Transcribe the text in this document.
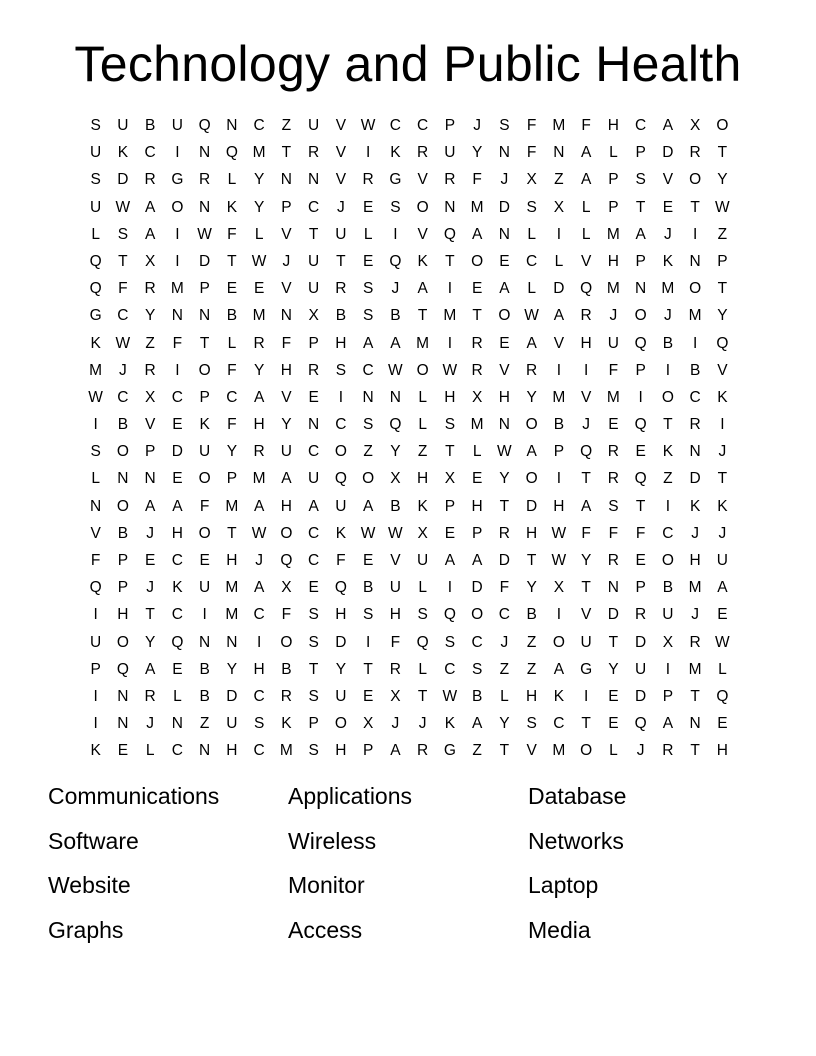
Technology and Public Health
S	U	B	U	Q	N	C	Z	U	V W C	C	P	J	S	F	M	F	H	C	A	X	O
U	K	C	I	N	Q M	T	R	V	I	K	R	U	Y	N	F	N	A	L	P	D	R	T
S	D	R	G	R	L	Y	N	N	V	R	G	V	R	F	J	X	Z	A	P	S	V	O	Y
U W A	O	N	K	Y	P	C	J	E	S	O	N M D	S	X	L	P	T	E	T W
L	S	A	I	W F	L	V	T	U	L	I	V	Q	A	N	L	I	L	M	A	J	I	Z
Q	T	X	I	D	T W	J	U	T	E	Q	K	T	O	E	C	L	V	H	P	K	N	P
Q	F	R M	P	E	E	V	U	R	S	J	A	I	E	A	L	D	Q M N M O	T
G	C	Y	N	N	B	M N	X	B	S	B	T	M	T	O W A	R	J	O	J	M	Y
K W Z	F	T	L	R	F	P	H	A	A	M	I	R	E	A	V	H	U	Q	B	I	Q
M	J	R	I	O	F	Y	H	R	S	C W O W R	V	R	I	I	F	P	I	B	V
W C	X	C	P	C	A	V	E	I	N	N	L	H	X	H	Y	M	V	M	I	O	C	K
I	B	V	E	K	F	H	Y	N	C	S	Q	L	S	M N	O	B	J	E	Q	T	R	I
S	O	P	D	U	Y	R	U	C	O	Z	Y	Z	T	L	W A	P	Q	R	E	K	N	J
L	N	N	E	O	P	M	A	U	Q O	X	H	X	E	Y	O	I	T	R	Q	Z	D	T
N	O	A	A	F	M	A	H	A	U	A	B	K	P	H	T	D	H	A	S	T	I	K	K
V	B	J	H	O	T W O	C	K W W X	E	P	R	H W F	F	F	C	J	J
F	P	E	C	E	H	J	Q	C	F	E	V	U	A	A	D	T W Y	R	E	O	H	U
Q	P	J	K	U M	A	X	E	Q	B	U	L	I	D	F	Y	X	T	N	P	B	M	A
I	H	T	C	I	M C	F	S	H	S	H	S	Q O	C	B	I	V	D	R	U	J	E
U	O	Y	Q	N	N	I	O	S	D	I	F	Q	S	C	J	Z	O	U	T	D	X	R W
P	Q	A	E	B	Y	H	B	T	Y	T	R	L	C	S	Z	Z	A	G	Y	U	I	M	L
I	N	R	L	B	D	C	R	S	U	E	X	T W B	L	H	K	I	E	D	P	T	Q
I	N	J	N	Z	U	S	K	P	O	X	J	J	K	A	Y	S	C	T	E	Q	A	N	E
K	E	L	C	N	H	C M	S	H	P	A	R	G	Z	T	V	M O	L	J	R	T	H
Communications	Applications	Database
Software	Wireless	Networks
Website	Monitor	Laptop
Graphs	Access	Media
